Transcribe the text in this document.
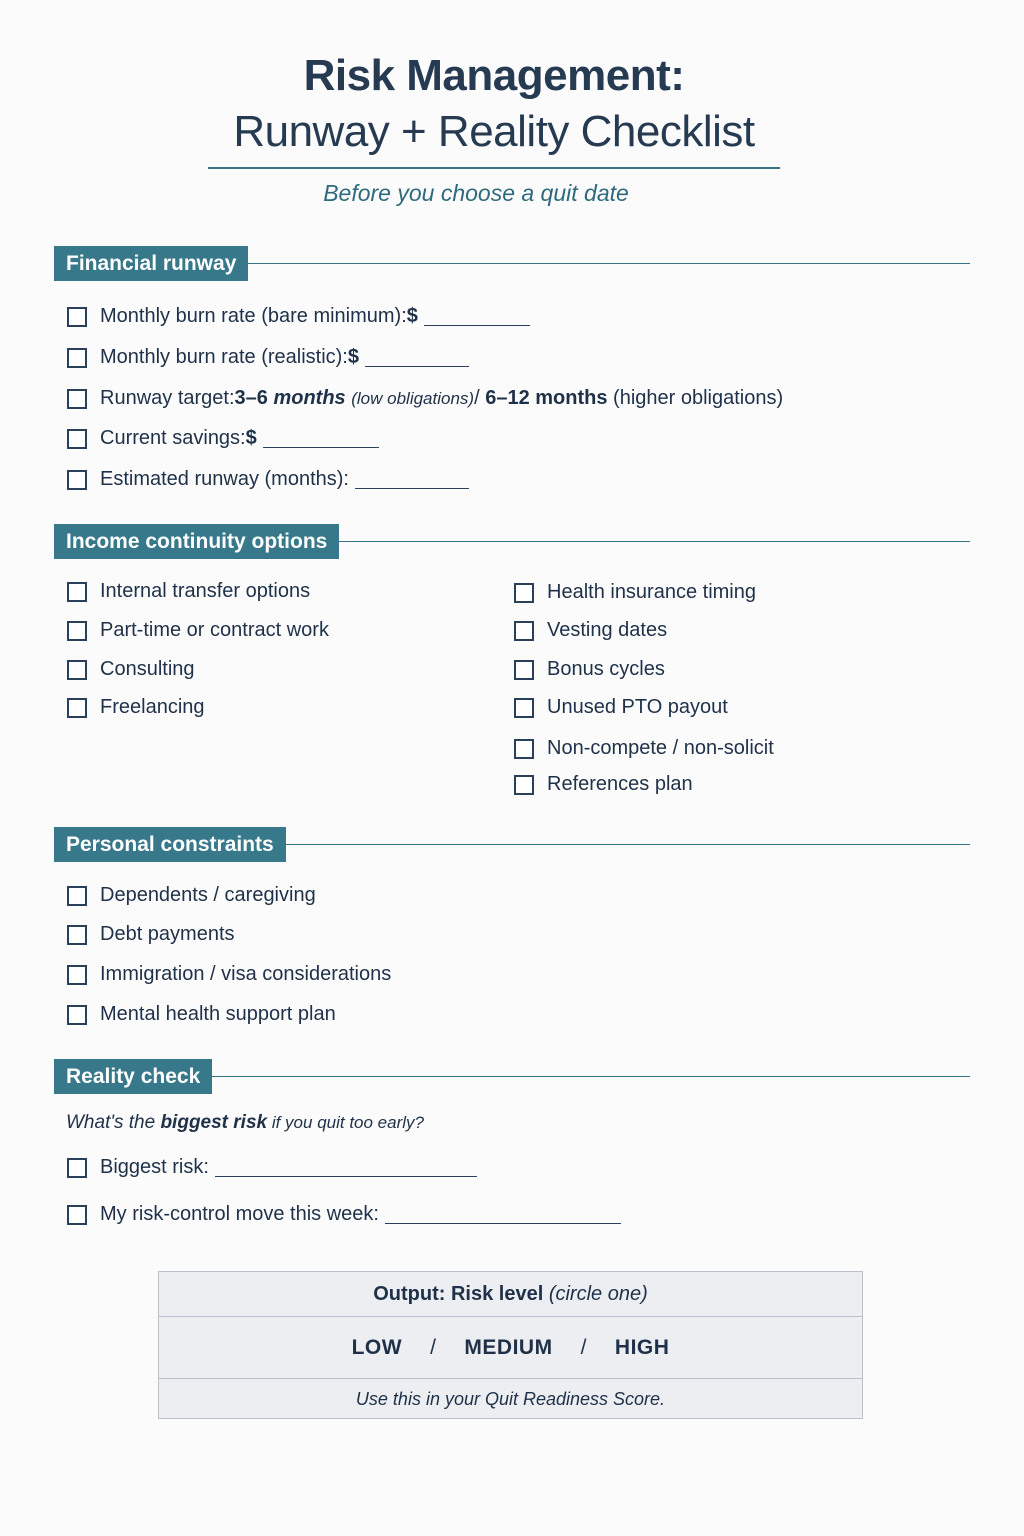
Risk Management:
Runway + Reality Checklist
Before you choose a quit date
Financial runway
Monthly burn rate (bare minimum): $
Monthly burn rate (realistic): $
Runway target: 3–6
months
(low obligations) /
6–12 months
(higher obligations)
Current savings: $
Estimated runway (months):
Income continuity options
Internal transfer options
Part-time or contract work
Consulting
Freelancing
Health insurance timing
Vesting dates
Bonus cycles
Unused PTO payout
Non-compete / non-solicit
References plan
Personal constraints
Dependents / caregiving
Debt payments
Immigration / visa considerations
Mental health support plan
Reality check
What's the biggest risk if you quit too early?
Biggest risk:
My risk-control move this week:
Output: Risk level
(circle one)
LOW / MEDIUM / HIGH
Use this in your Quit Readiness Score.
